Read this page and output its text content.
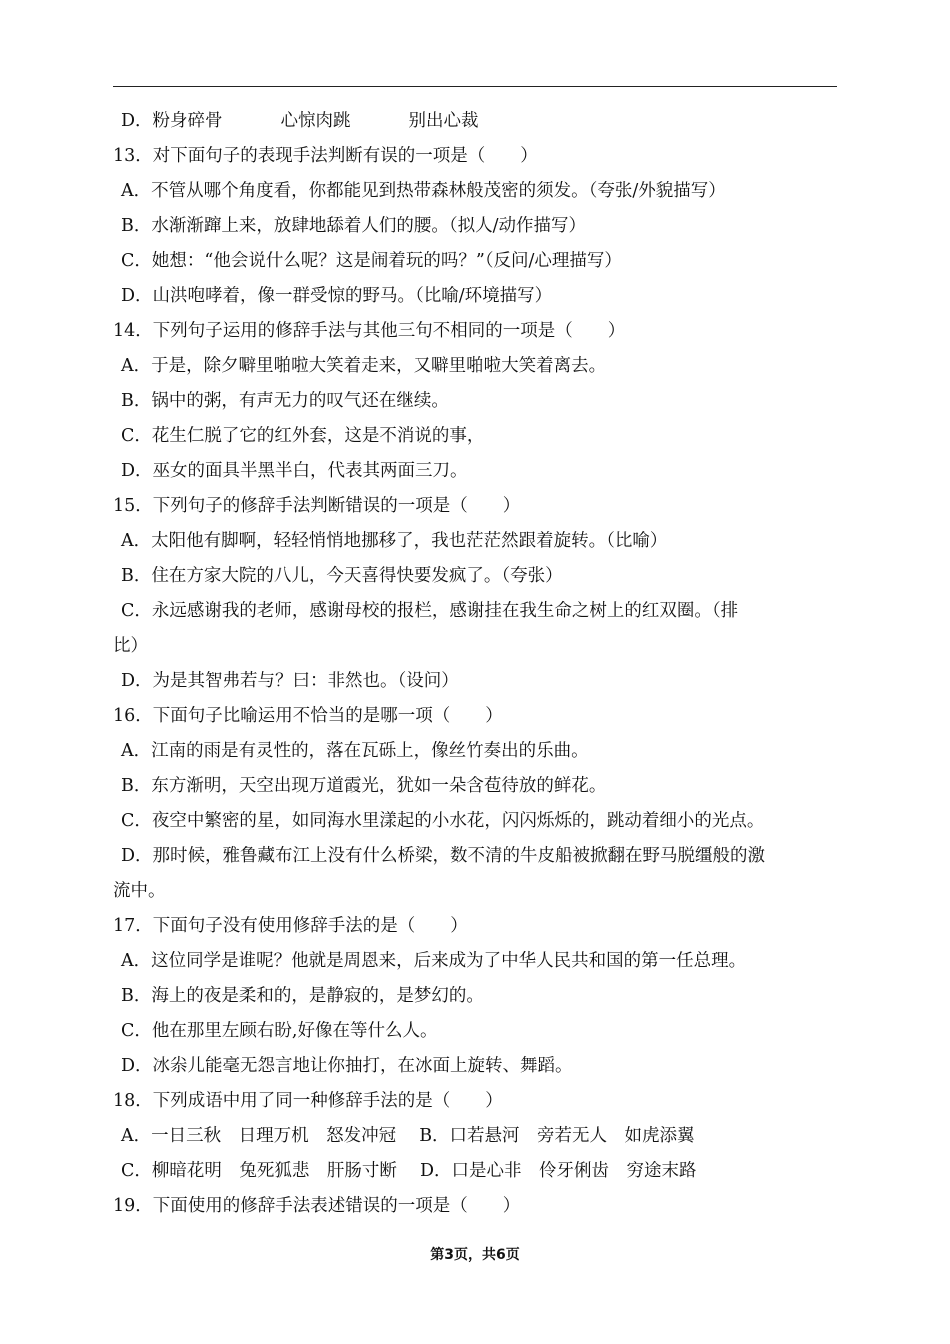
D．粉身碎骨	心惊肉跳	别出心裁
13．对下面句子的表现手法判断有误的一项是（　　）
A．不管从哪个角度看，你都能见到热带森林般茂密的须发。（夸张/外貌描写）
B．水渐渐蹿上来，放肆地舔着人们的腰。（拟人/动作描写）
C．她想：“他会说什么呢？这是闹着玩的吗？”（反问/心理描写）
D．山洪咆哮着，像一群受惊的野马。（比喻/环境描写）
14．下列句子运用的修辞手法与其他三句不相同的一项是（　　）
A．于是，除夕噼里啪啦大笑着走来，又噼里啪啦大笑着离去。
B．锅中的粥，有声无力的叹气还在继续。
C．花生仁脱了它的红外套，这是不消说的事，
D．巫女的面具半黑半白，代表其两面三刀。
15．下列句子的修辞手法判断错误的一项是（　　）
A．太阳他有脚啊，轻轻悄悄地挪移了，我也茫茫然跟着旋转。（比喻）
B．住在方家大院的八儿，今天喜得快要发疯了。（夸张）
C．永远感谢我的老师，感谢母校的报栏，感谢挂在我生命之树上的红双圈。（排
比）
D．为是其智弗若与？曰：非然也。（设问）
16．下面句子比喻运用不恰当的是哪一项（　　）
A．江南的雨是有灵性的，落在瓦砾上，像丝竹奏出的乐曲。
B．东方渐明，天空出现万道霞光，犹如一朵含苞待放的鲜花。
C．夜空中繁密的星，如同海水里漾起的小水花，闪闪烁烁的，跳动着细小的光点。
D．那时候，雅鲁藏布江上没有什么桥梁，数不清的牛皮船被掀翻在野马脱缰般的激
流中。
17．下面句子没有使用修辞手法的是（　　）
A．这位同学是谁呢？他就是周恩来，后来成为了中华人民共和国的第一任总理。
B．海上的夜是柔和的，是静寂的，是梦幻的。
C．他在那里左顾右盼,好像在等什么人。
D．冰尜儿能毫无怨言地让你抽打，在冰面上旋转、舞蹈。
18．下列成语中用了同一种修辞手法的是（　　）
A．一日三秋　日理万机　怒发冲冠　 B．口若悬河　旁若无人　如虎添翼
C．柳暗花明　兔死狐悲　肝肠寸断　 D．口是心非　伶牙俐齿　穷途末路
19．下面使用的修辞手法表述错误的一项是（　　）
第3页，共6页
